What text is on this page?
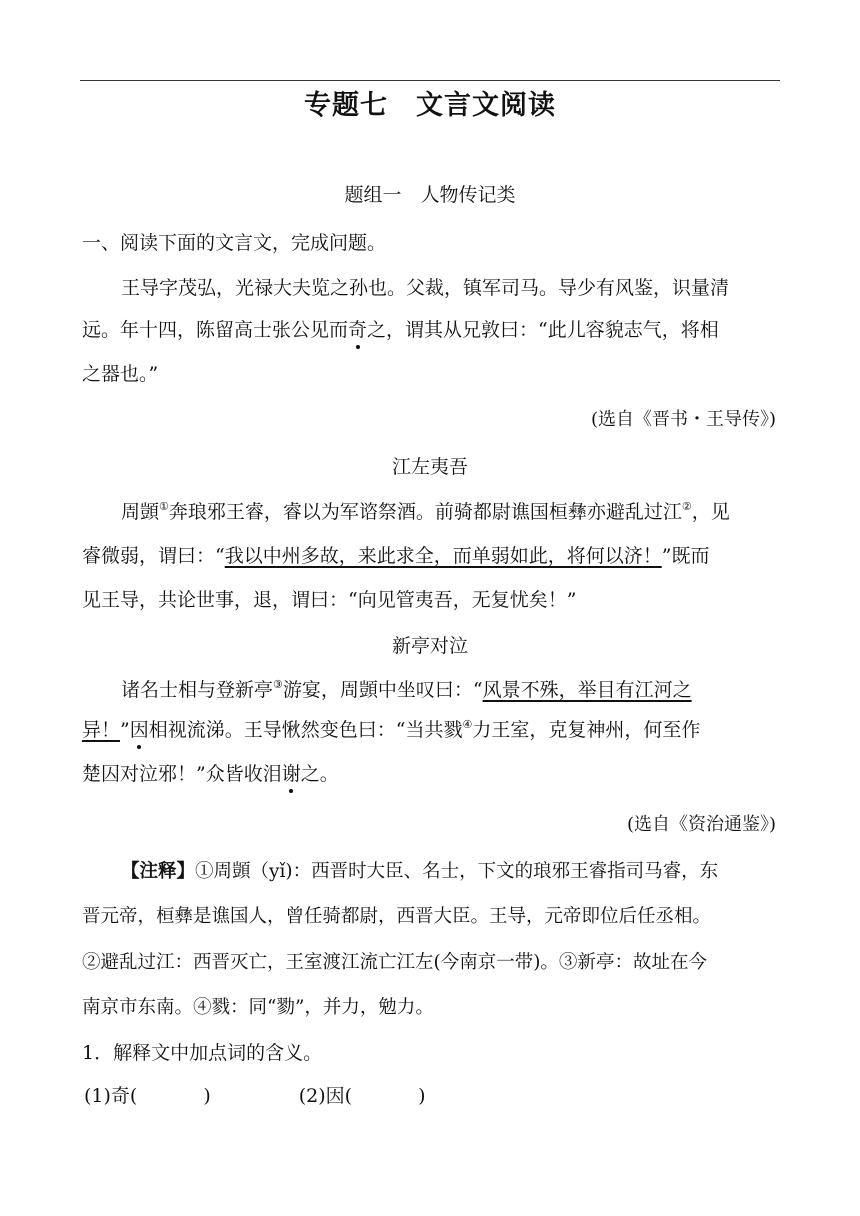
专题七　文言文阅读
题组一　人物传记类
一、阅读下面的文言文，完成问题。
王导字茂弘，光禄大夫览之孙也。父裁，镇军司马。导少有风鉴，识量清
远。年十四，陈留高士张公见而奇之，谓其从兄敦曰：“此儿容貌志气，将相
之器也。”
(选自《晋书・王导传》)
江左夷吾
周顗①奔琅邪王睿，睿以为军谘祭酒。前骑都尉谯国桓彝亦避乱过江②，见
睿微弱，谓曰：“我以中州多故，来此求全，而单弱如此，将何以济！”既而
见王导，共论世事，退，谓曰：“向见管夷吾，无复忧矣！”
新亭对泣
诸名士相与登新亭③游宴，周顗中坐叹曰：“风景不殊，举目有江河之
异！”因相视流涕。王导愀然变色曰：“当共戮④力王室，克复神州，何至作
楚囚对泣邪！”众皆收泪谢之。
(选自《资治通鉴》)
【注释】①周顗（yǐ)：西晋时大臣、名士，下文的琅邪王睿指司马睿，东
晋元帝，桓彝是谯国人，曾任骑都尉，西晋大臣。王导，元帝即位后任丞相。
②避乱过江：西晋灭亡，王室渡江流亡江左(今南京一带)。③新亭：故址在今
南京市东南。④戮：同“勠”，并力，勉力。
1．解释文中加点词的含义。
(1)奇(	)	(2)因(	)
